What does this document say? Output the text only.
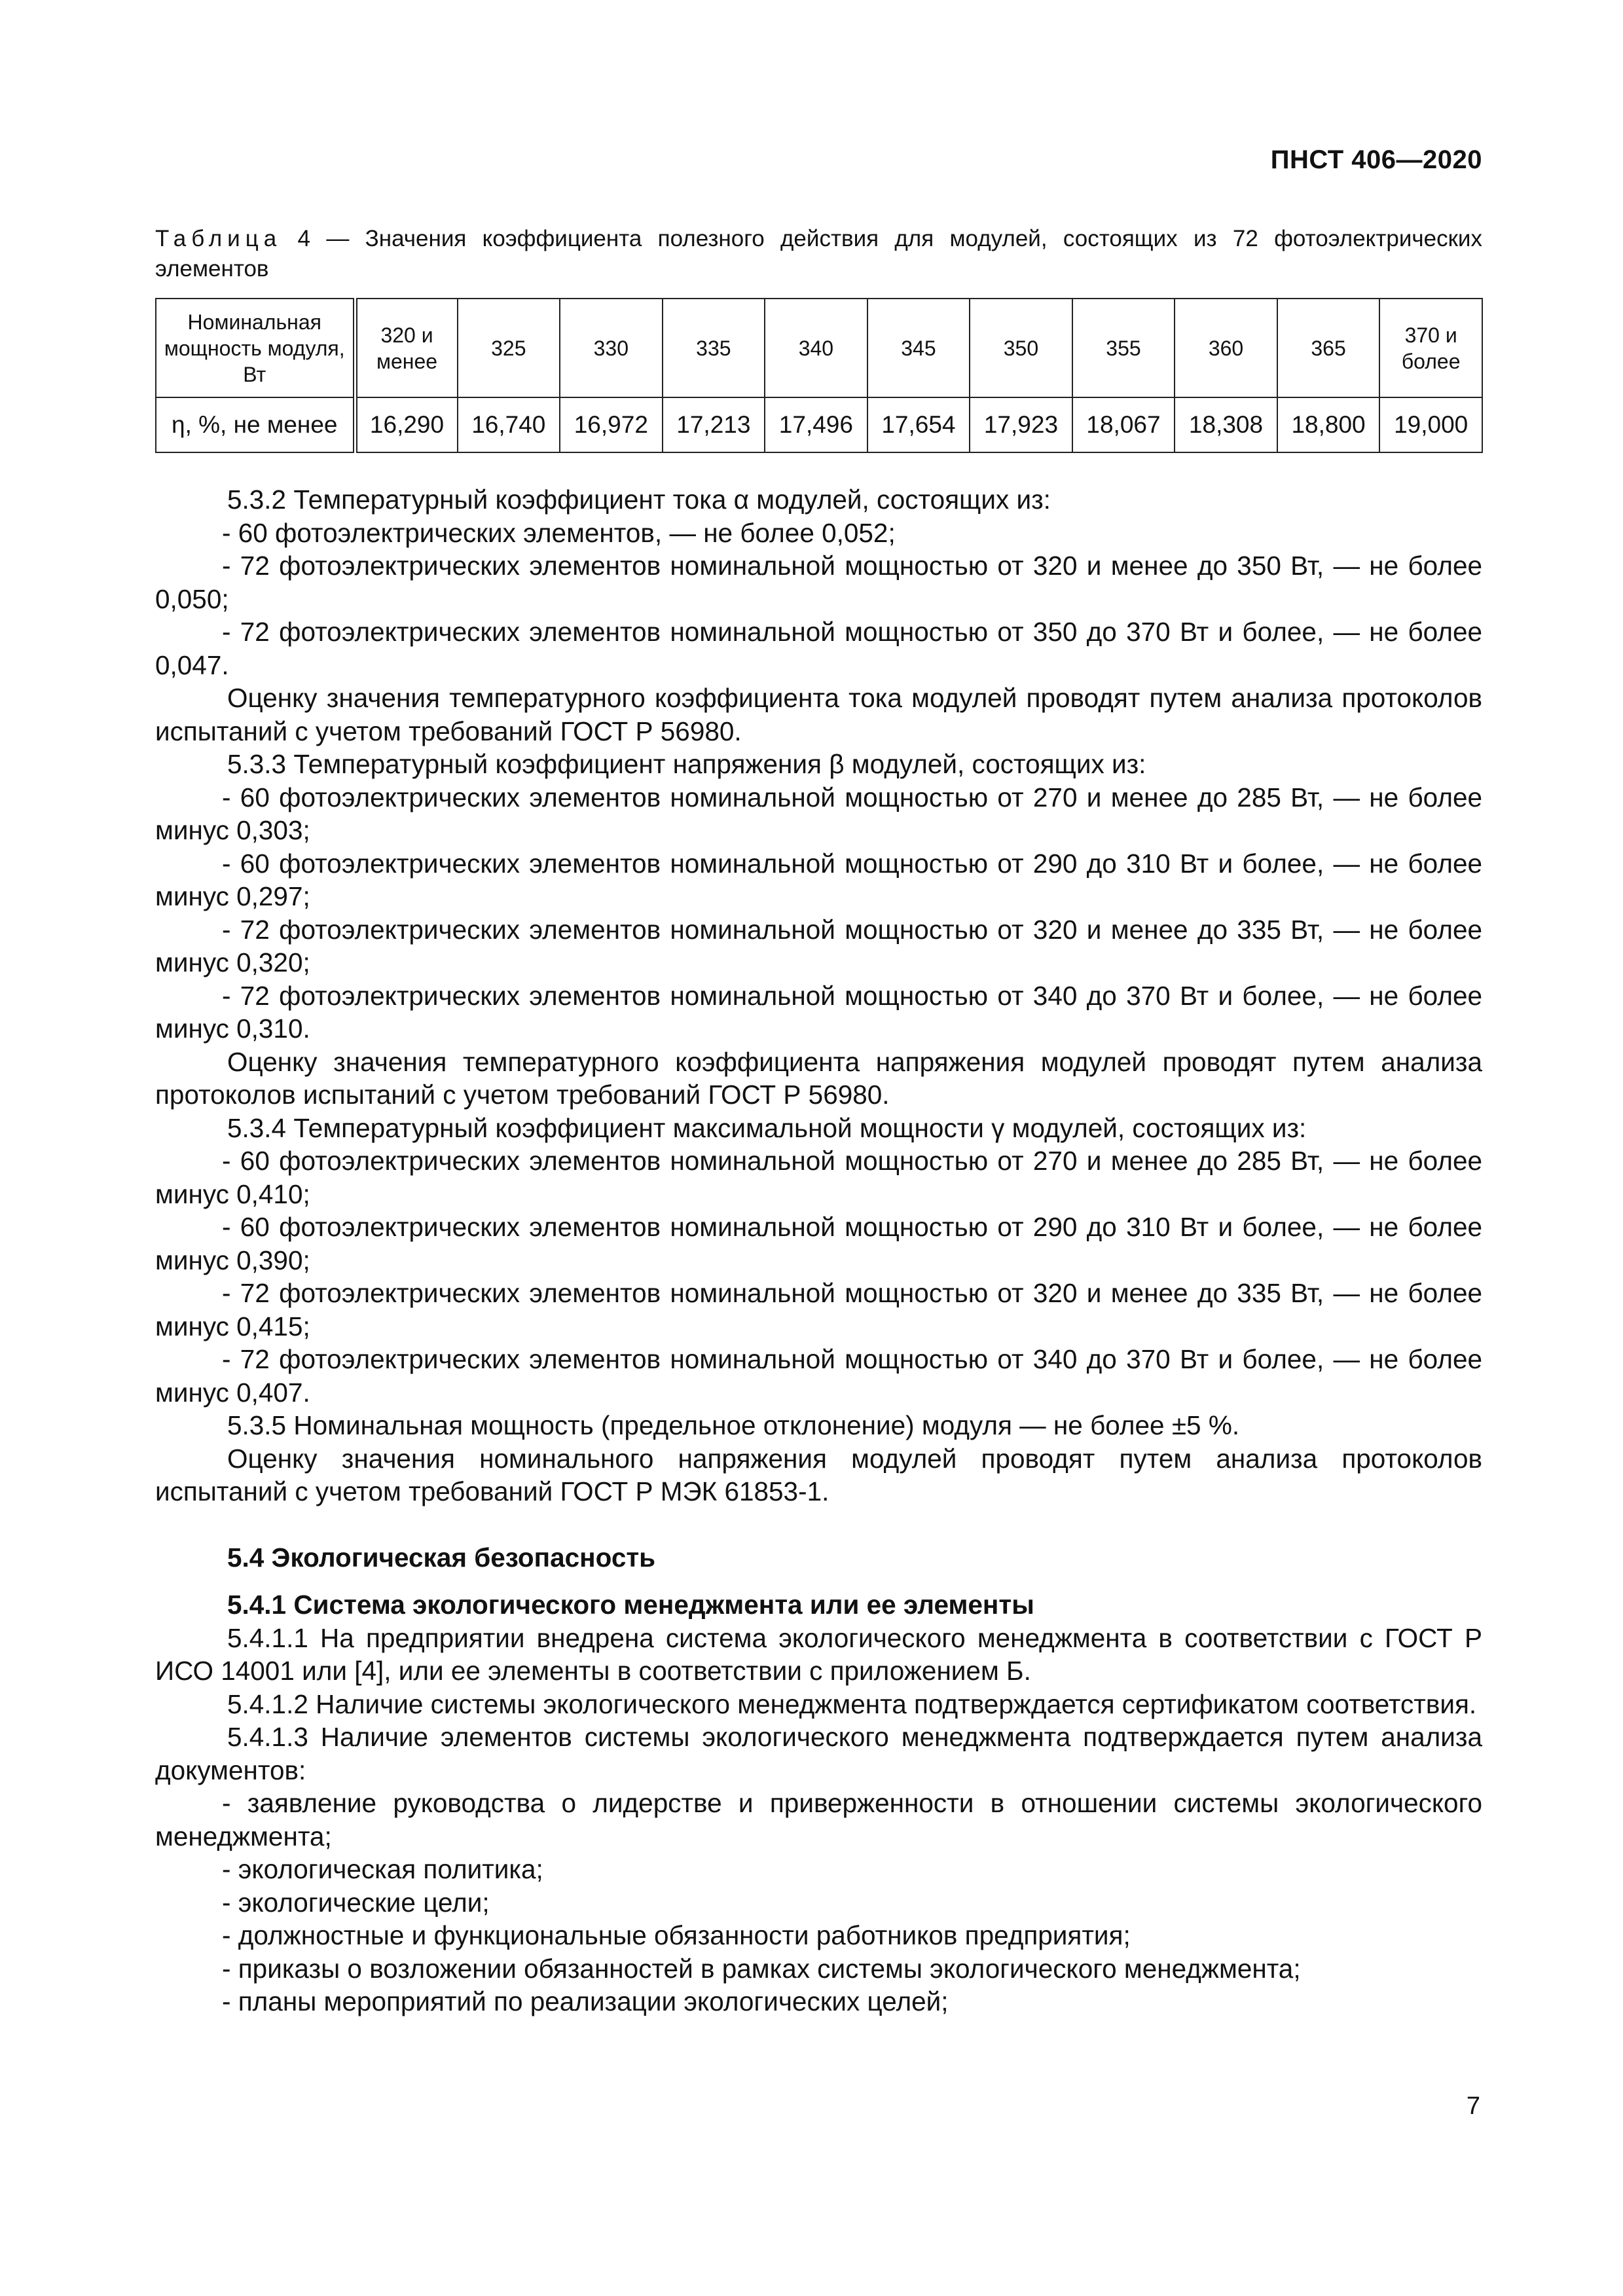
ПНСТ 406—2020
Таблица 4 — Значения коэффициента полезного действия для модулей, состоящих из 72 фотоэлектрических элементов
Номинальная мощность модуля, Вт	320 и менее	325	330	335	340	345	350	355	360	365	370 и более
η, %, не менее	16,290	16,740	16,972	17,213	17,496	17,654	17,923	18,067	18,308	18,800	19,000

5.3.2 Температурный коэффициент тока α модулей, состоящих из:

- 60 фотоэлектрических элементов, — не более 0,052;

- 72 фотоэлектрических элементов номинальной мощностью от 320 и менее до 350 Вт, — не более 0,050;

- 72 фотоэлектрических элементов номинальной мощностью от 350 до 370 Вт и более, — не более 0,047.

Оценку значения температурного коэффициента тока модулей проводят путем анализа протоколов испытаний с учетом требований ГОСТ Р 56980.

5.3.3 Температурный коэффициент напряжения β модулей, состоящих из:

- 60 фотоэлектрических элементов номинальной мощностью от 270 и менее до 285 Вт, — не более минус 0,303;

- 60 фотоэлектрических элементов номинальной мощностью от 290 до 310 Вт и более, — не более минус 0,297;

- 72 фотоэлектрических элементов номинальной мощностью от 320 и менее до 335 Вт, — не более минус 0,320;

- 72 фотоэлектрических элементов номинальной мощностью от 340 до 370 Вт и более, — не более минус 0,310.

Оценку значения температурного коэффициента напряжения модулей проводят путем анализа протоколов испытаний с учетом требований ГОСТ Р 56980.

5.3.4 Температурный коэффициент максимальной мощности γ модулей, состоящих из:

- 60 фотоэлектрических элементов номинальной мощностью от 270 и менее до 285 Вт, — не более минус 0,410;

- 60 фотоэлектрических элементов номинальной мощностью от 290 до 310 Вт и более, — не более минус 0,390;

- 72 фотоэлектрических элементов номинальной мощностью от 320 и менее до 335 Вт, — не более минус 0,415;

- 72 фотоэлектрических элементов номинальной мощностью от 340 до 370 Вт и более, — не более минус 0,407.

5.3.5 Номинальная мощность (предельное отклонение) модуля — не более ±5 %.

Оценку значения номинального напряжения модулей проводят путем анализа протоколов испытаний с учетом требований ГОСТ Р МЭК 61853-1.

5.4 Экологическая безопасность

5.4.1 Система экологического менеджмента или ее элементы

5.4.1.1 На предприятии внедрена система экологического менеджмента в соответствии с ГОСТ Р ИСО 14001 или [4], или ее элементы в соответствии с приложением Б.

5.4.1.2 Наличие системы экологического менеджмента подтверждается сертификатом соответствия.

5.4.1.3 Наличие элементов системы экологического менеджмента подтверждается путем анализа документов:

- заявление руководства о лидерстве и приверженности в отношении системы экологического менеджмента;

- экологическая политика;

- экологические цели;

- должностные и функциональные обязанности работников предприятия;

- приказы о возложении обязанностей в рамках системы экологического менеджмента;

- планы мероприятий по реализации экологических целей;

7
